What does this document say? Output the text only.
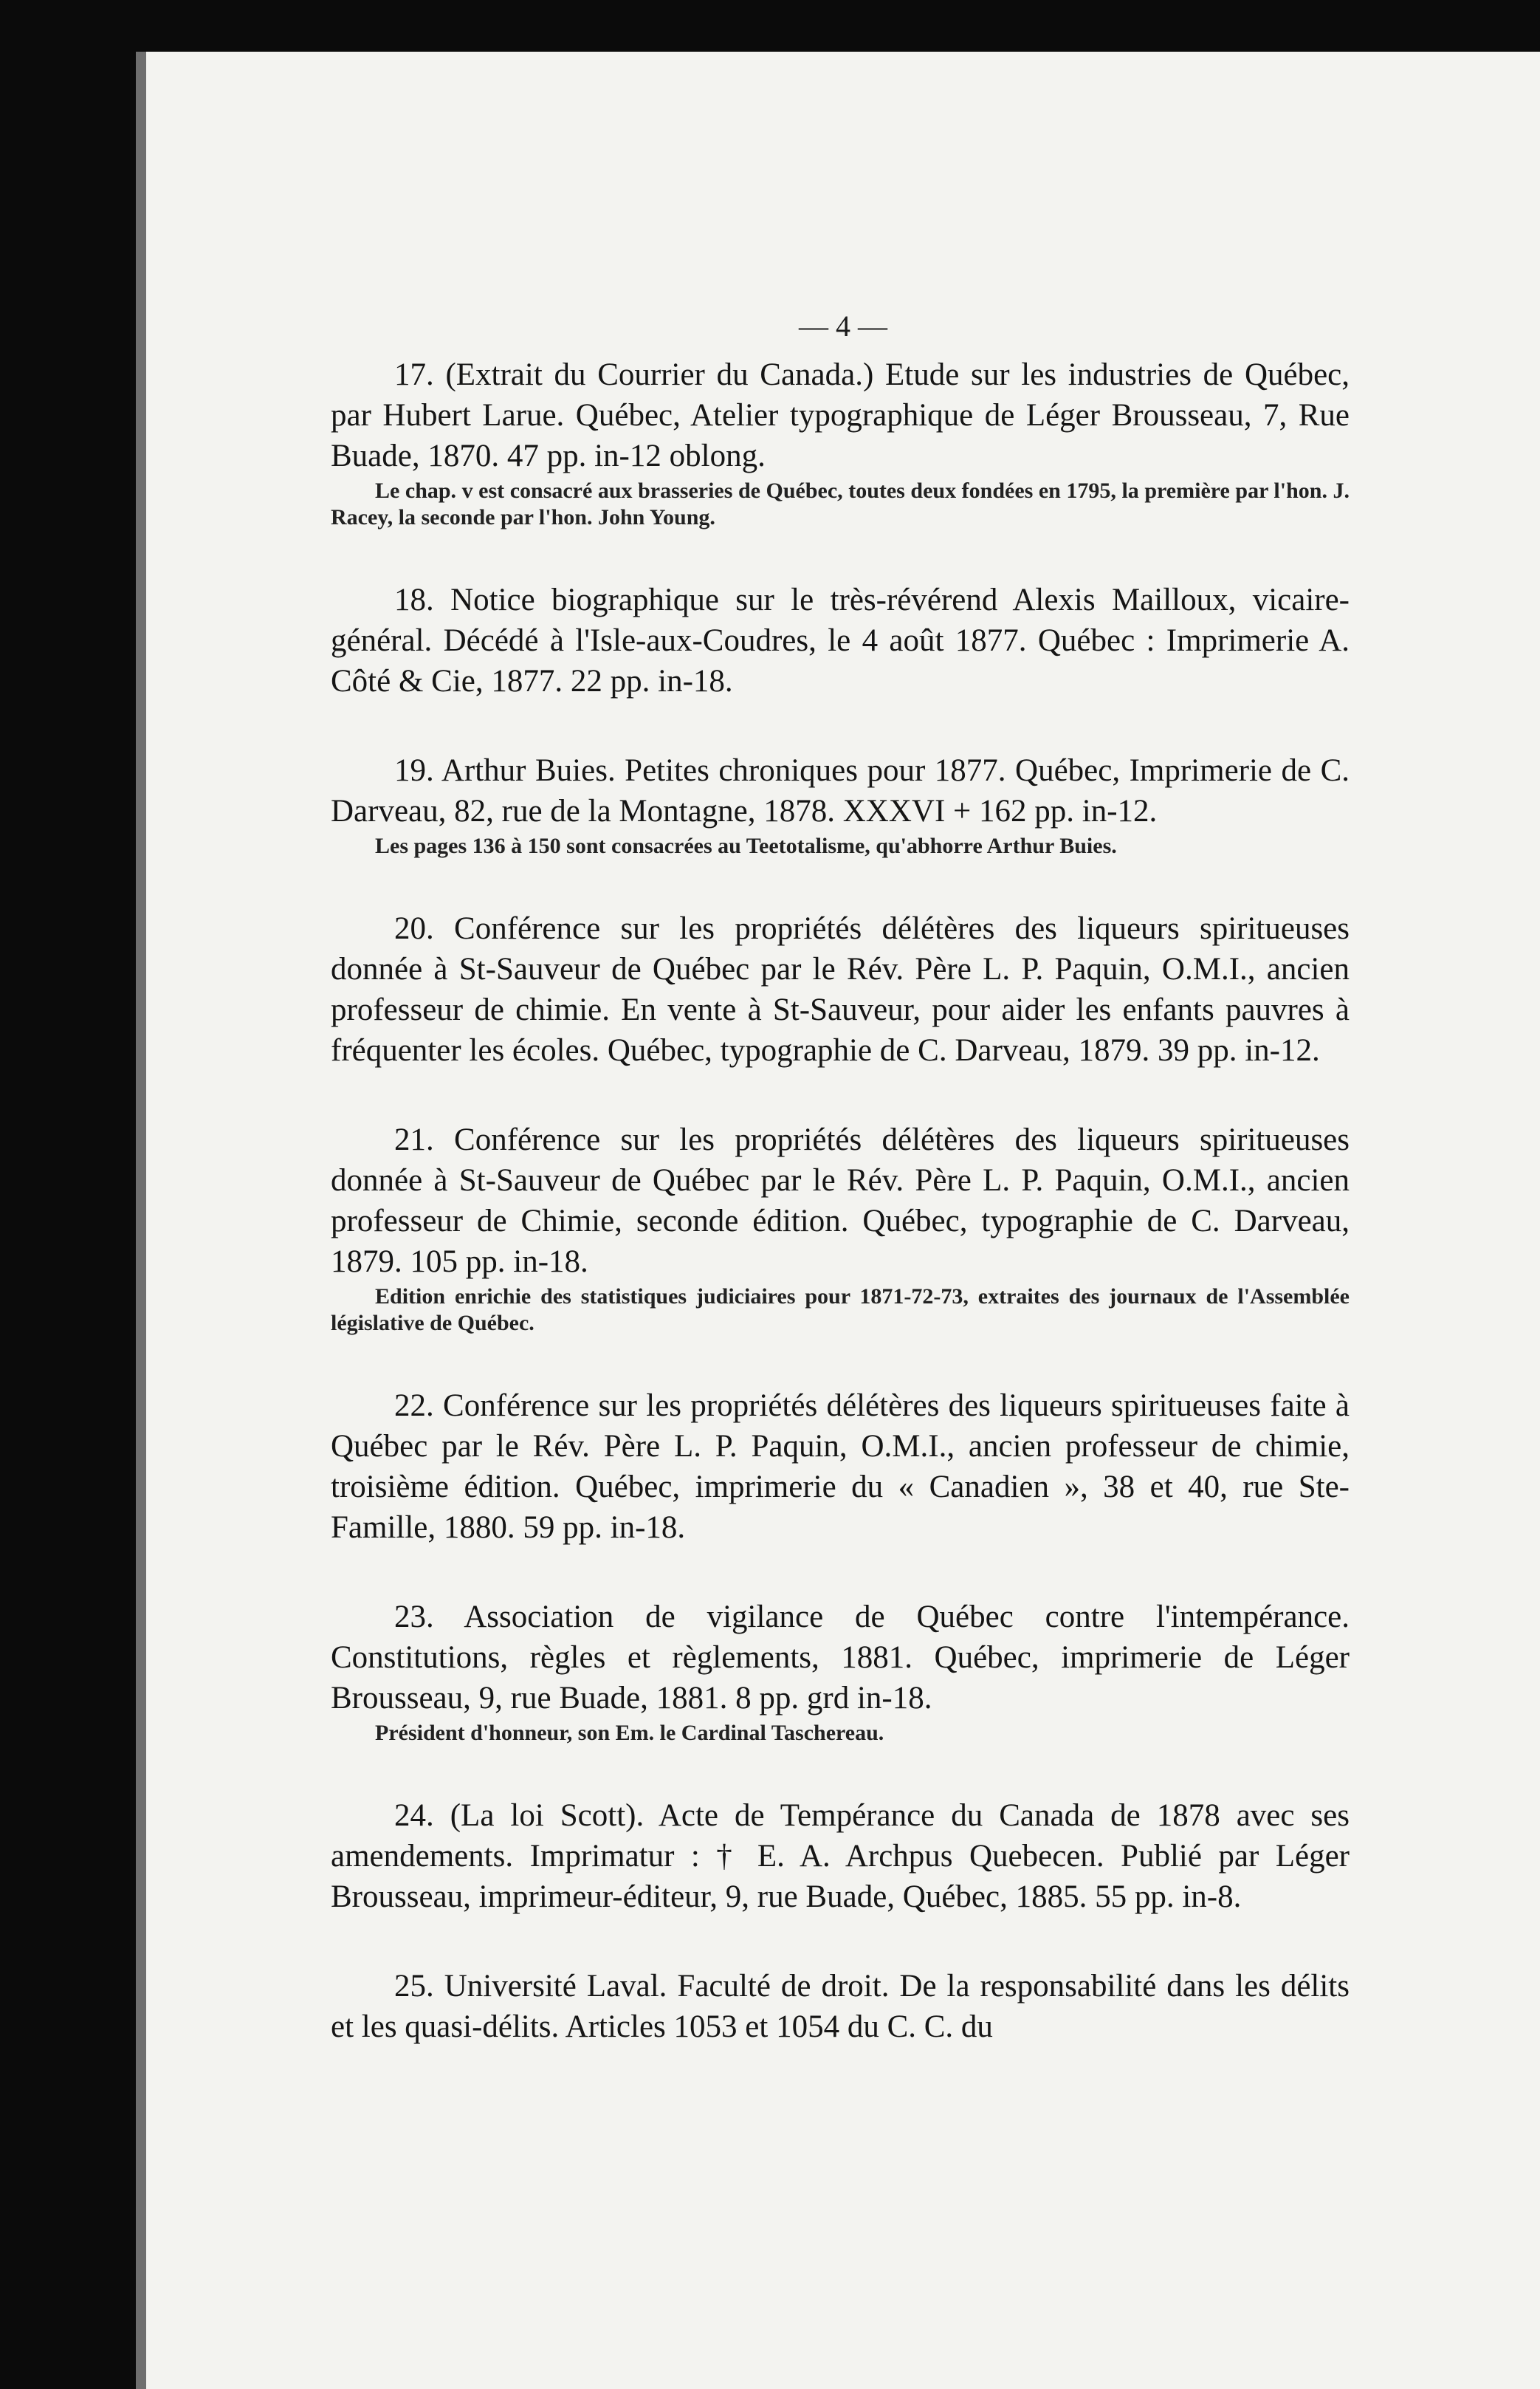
— 4 —

17. (Extrait du Courrier du Canada.) Etude sur les industries de Québec, par Hubert Larue. Québec, Atelier typographique de Léger Brousseau, 7, Rue Buade, 1870. 47 pp. in-12 oblong.

Le chap. v est consacré aux brasseries de Québec, toutes deux fondées en 1795, la première par l'hon. J. Racey, la seconde par l'hon. John Young.

18. Notice biographique sur le très-révérend Alexis Mailloux, vicaire-général. Décédé à l'Isle-aux-Coudres, le 4 août 1877. Québec : Imprimerie A. Côté & Cie, 1877. 22 pp. in-18.

19. Arthur Buies. Petites chroniques pour 1877. Québec, Imprimerie de C. Darveau, 82, rue de la Montagne, 1878. XXXVI + 162 pp. in-12.

Les pages 136 à 150 sont consacrées au Teetotalisme, qu'abhorre Arthur Buies.

20. Conférence sur les propriétés délétères des liqueurs spiritueuses donnée à St-Sauveur de Québec par le Rév. Père L. P. Paquin, O.M.I., ancien professeur de chimie. En vente à St-Sauveur, pour aider les enfants pauvres à fréquenter les écoles. Québec, typographie de C. Darveau, 1879. 39 pp. in-12.

21. Conférence sur les propriétés délétères des liqueurs spiritueuses donnée à St-Sauveur de Québec par le Rév. Père L. P. Paquin, O.M.I., ancien professeur de Chimie, seconde édition. Québec, typographie de C. Darveau, 1879. 105 pp. in-18.

Edition enrichie des statistiques judiciaires pour 1871-72-73, extraites des journaux de l'Assemblée législative de Québec.

22. Conférence sur les propriétés délétères des liqueurs spiritueuses faite à Québec par le Rév. Père L. P. Paquin, O.M.I., ancien professeur de chimie, troisième édition. Québec, imprimerie du « Canadien », 38 et 40, rue Ste-Famille, 1880. 59 pp. in-18.

23. Association de vigilance de Québec contre l'intempérance. Constitutions, règles et règlements, 1881. Québec, imprimerie de Léger Brousseau, 9, rue Buade, 1881. 8 pp. grd in-18.

Président d'honneur, son Em. le Cardinal Taschereau.

24. (La loi Scott). Acte de Tempérance du Canada de 1878 avec ses amendements. Imprimatur : † E. A. Archpus Quebecen. Publié par Léger Brousseau, imprimeur-éditeur, 9, rue Buade, Québec, 1885. 55 pp. in-8.

25. Université Laval. Faculté de droit. De la responsabilité dans les délits et les quasi-délits. Articles 1053 et 1054 du C. C. du
